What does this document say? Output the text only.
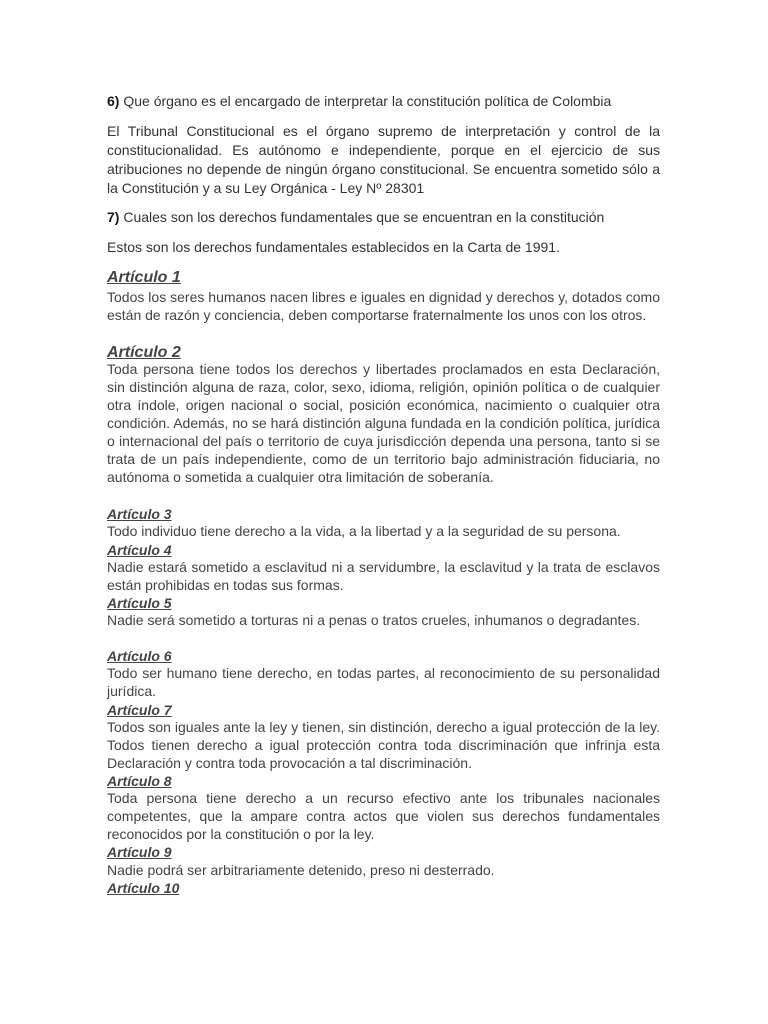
6) Que órgano es el encargado de interpretar la constitución política de Colombia
El Tribunal Constitucional es el órgano supremo de interpretación y control de la constitucionalidad. Es autónomo e independiente, porque en el ejercicio de sus atribuciones no depende de ningún órgano constitucional. Se encuentra sometido sólo a la Constitución y a su Ley Orgánica - Ley Nº 28301
7) Cuales son los derechos fundamentales que se encuentran en la constitución
Estos son los derechos fundamentales establecidos en la Carta de 1991.
Artículo 1
Todos los seres humanos nacen libres e iguales en dignidad y derechos y, dotados como están de razón y conciencia, deben comportarse fraternalmente los unos con los otros.
Artículo 2
Toda persona tiene todos los derechos y libertades proclamados en esta Declaración, sin distinción alguna de raza, color, sexo, idioma, religión, opinión política o de cualquier otra índole, origen nacional o social, posición económica, nacimiento o cualquier otra condición. Además, no se hará distinción alguna fundada en la condición política, jurídica o internacional del país o territorio de cuya jurisdicción dependa una persona, tanto si se trata de un país independiente, como de un territorio bajo administración fiduciaria, no autónoma o sometida a cualquier otra limitación de soberanía.
Artículo 3
Todo individuo tiene derecho a la vida, a la libertad y a la seguridad de su persona.
Artículo 4
Nadie estará sometido a esclavitud ni a servidumbre, la esclavitud y la trata de esclavos están prohibidas en todas sus formas.
Artículo 5
Nadie será sometido a torturas ni a penas o tratos crueles, inhumanos o degradantes.
Artículo 6
Todo ser humano tiene derecho, en todas partes, al reconocimiento de su personalidad jurídica.
Artículo 7
Todos son iguales ante la ley y tienen, sin distinción, derecho a igual protección de la ley. Todos tienen derecho a igual protección contra toda discriminación que infrinja esta Declaración y contra toda provocación a tal discriminación.
Artículo 8
Toda persona tiene derecho a un recurso efectivo ante los tribunales nacionales competentes, que la ampare contra actos que violen sus derechos fundamentales reconocidos por la constitución o por la ley.
Artículo 9
Nadie podrá ser arbitrariamente detenido, preso ni desterrado.
Artículo 10
